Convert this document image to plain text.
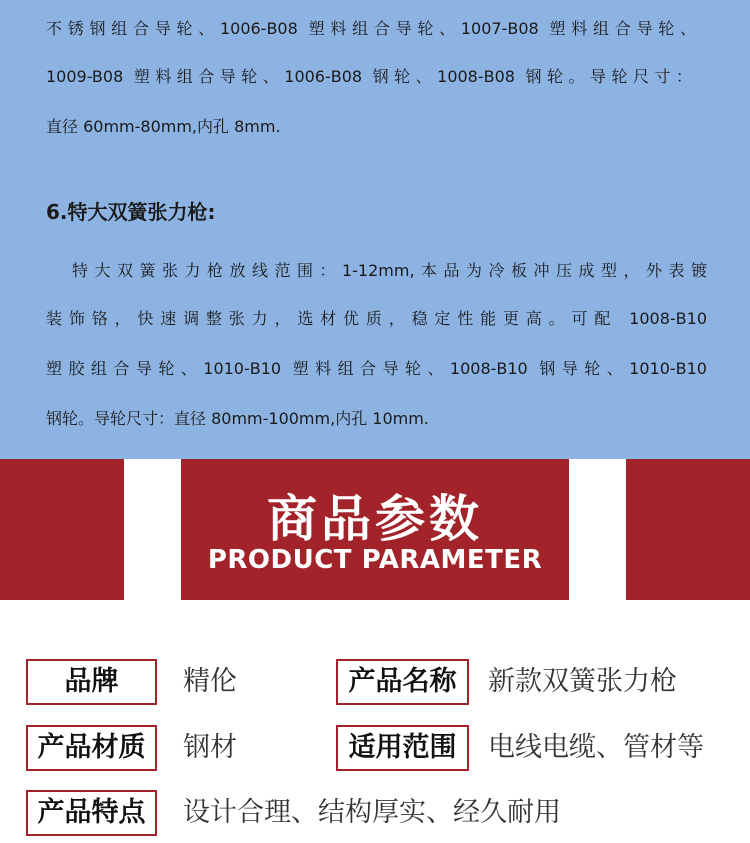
不锈钢组合导轮、1006-B08 塑料组合导轮、1007-B08 塑料组合导轮、
1009-B08 塑料组合导轮、1006-B08 钢轮、1008-B08 钢轮。导轮尺寸：
直径 60mm-80mm,内孔 8mm.
6.特大双簧张力枪:
特大双簧张力枪放线范围：1-12mm,本品为冷板冲压成型，外表镀
装饰铬，快速调整张力，选材优质，稳定性能更高。可配 1008-B10
塑胶组合导轮、1010-B10 塑料组合导轮、1008-B10 钢导轮、1010-B10
钢轮。导轮尺寸：直径 80mm-100mm,内孔 10mm.
商品参数
PRODUCT PARAMETER
品牌	精伦	产品名称	新款双簧张力枪
产品材质	钢材	适用范围	电线电缆、管材等
产品特点	设计合理、结构厚实、经久耐用
